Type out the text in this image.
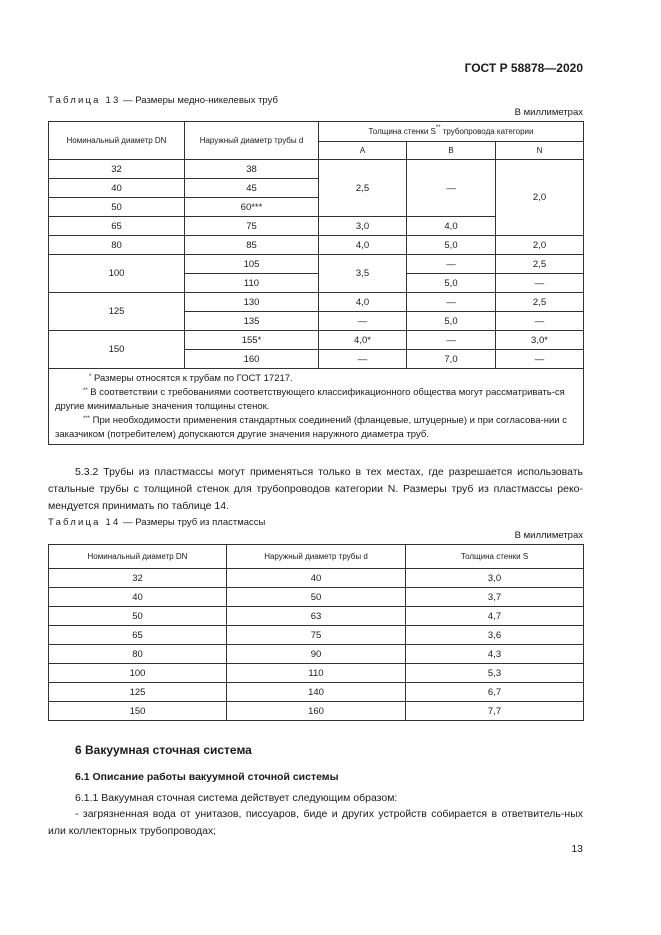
ГОСТ Р 58878—2020
Таблица 13 — Размеры медно-никелевых труб
В миллиметрах
Номинальный диаметр DN	Наружный диаметр трубы d	Толщина стенки S** трубопровода категории		
		A	B	N
32	38	2,5	—	2,0
40	45			
50	60***			
65	75	3,0	4,0	
80	85	4,0	5,0	2,0
100	105	3,5	—	2,5
	110		5,0	—
125	130	4,0	—	2,5
	135	—	5,0	—
150	155*	4,0*	—	3,0*
	160	—	7,0	—

* Размеры относятся к трубам по ГОСТ 17217.

** В соответствии с требованиями соответствующего классификационного общества могут рассматривать-ся другие минимальные значения толщины стенок.

*** При необходимости применения стандартных соединений (фланцевые, штуцерные) и при согласова-нии с заказчиком (потребителем) допускаются другие значения наружного диаметра труб.				

5.3.2 Трубы из пластмассы могут применяться только в тех местах, где разрешается использовать стальные трубы с толщиной стенок для трубопроводов категории N. Размеры труб из пластмассы реко-мендуется принимать по таблице 14.
Таблица 14 — Размеры труб из пластмассы
В миллиметрах
Номинальный диаметр DN	Наружный диаметр трубы d	Толщина стенки S
32	40	3,0
40	50	3,7
50	63	4,7
65	75	3,6
80	90	4,3
100	110	5,3
125	140	6,7
150	160	7,7
6 Вакуумная сточная система
6.1 Описание работы вакуумной сточной системы
6.1.1 Вакуумная сточная система действует следующим образом:
- загрязненная вода от унитазов, писсуаров, биде и других устройств собирается в ответвитель-ных или коллекторных трубопроводах;
13
